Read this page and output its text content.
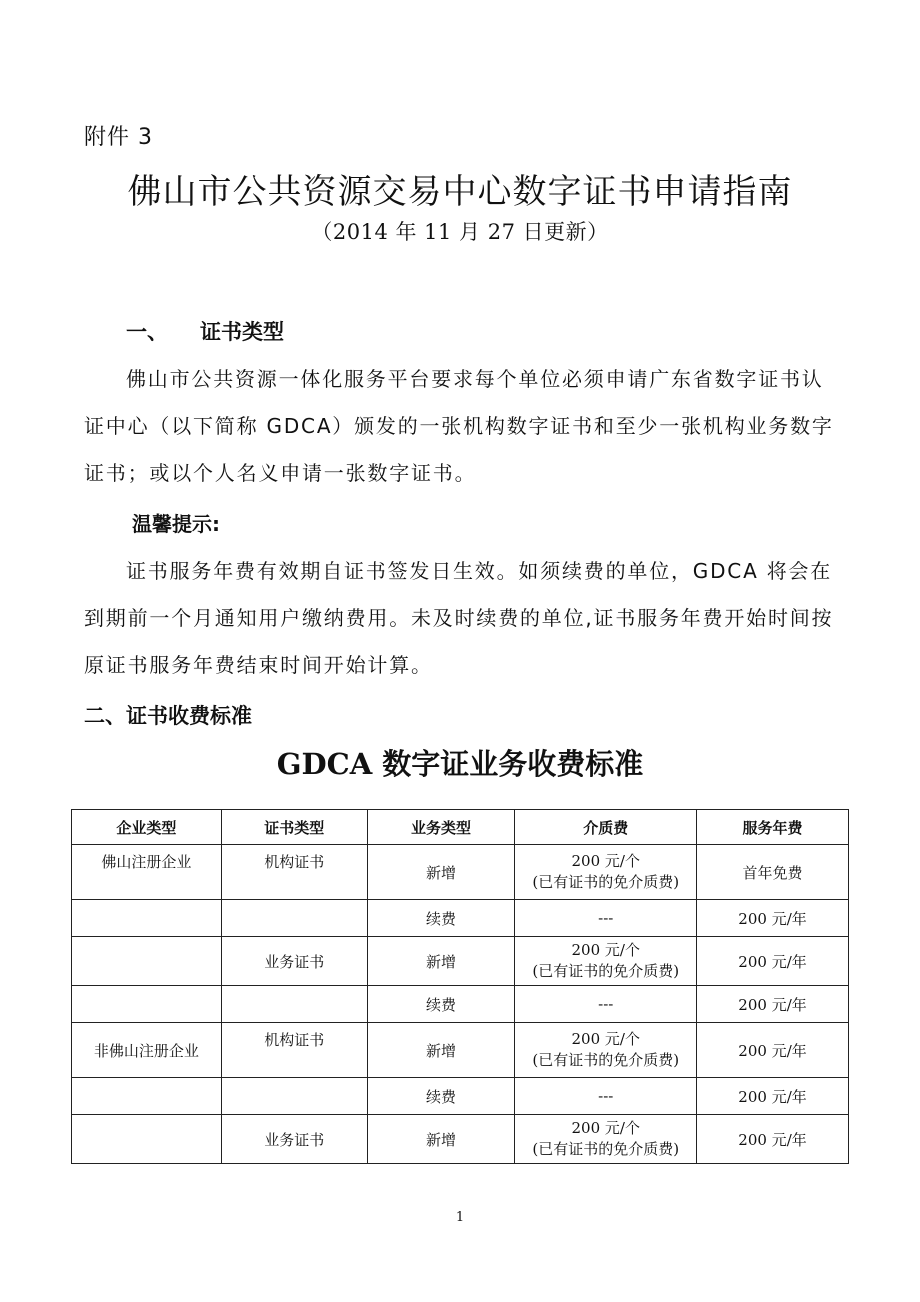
附件 3
佛山市公共资源交易中心数字证书申请指南
（2014 年 11 月 27 日更新）
一、 证书类型
佛山市公共资源一体化服务平台要求每个单位必须申请广东省数字证书认证中心（以下简称 GDCA）颁发的一张机构数字证书和至少一张机构业务数字证书；或以个人名义申请一张数字证书。
温馨提示:
证书服务年费有效期自证书签发日生效。如须续费的单位，GDCA 将会在到期前一个月通知用户缴纳费用。未及时续费的单位,证书服务年费开始时间按原证书服务年费结束时间开始计算。
二、证书收费标准
GDCA 数字证业务收费标准
企业类型	证书类型	业务类型	介质费	服务年费
佛山注册企业	机构证书	新增	200 元/个
(已有证书的免介质费)	首年免费
		续费	---	200 元/年
	业务证书	新增	200 元/个
(已有证书的免介质费)	200 元/年
		续费	---	200 元/年
非佛山注册企业	机构证书	新增	200 元/个
(已有证书的免介质费)	200 元/年
		续费	---	200 元/年
	业务证书	新增	200 元/个
(已有证书的免介质费)	200 元/年
1
